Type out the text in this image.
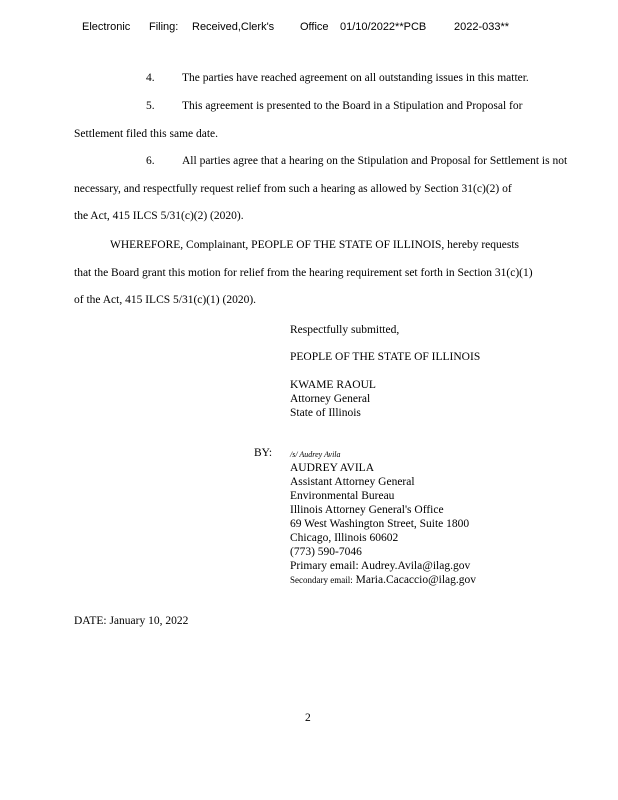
Electronic Filing: Received,Clerk's Office 01/10/2022**PCB	2022-033**
4. The parties have reached agreement on all outstanding issues in this matter.
5. This agreement is presented to the Board in a Stipulation and Proposal for
Settlement filed this same date.
6. All parties agree that a hearing on the Stipulation and Proposal for Settlement is not
necessary, and respectfully request relief from such a hearing as allowed by Section 31(c)(2) of
the Act, 415 ILCS 5/31(c)(2) (2020).
WHEREFORE, Complainant, PEOPLE OF THE STATE OF ILLINOIS, hereby requests
that the Board grant this motion for relief from the hearing requirement set forth in Section 31(c)(1)
of the Act, 415 ILCS 5/31(c)(1) (2020).
Respectfully submitted,
PEOPLE OF THE STATE OF ILLINOIS
KWAME RAOUL
Attorney General
State of Illinois
BY: /s/ Audrey Avila
AUDREY AVILA
Assistant Attorney General
Environmental Bureau
Illinois Attorney General's Office
69 West Washington Street, Suite 1800
Chicago, Illinois 60602
(773) 590-7046
Primary email: Audrey.Avila@ilag.gov
Secondary email: Maria.Cacaccio@ilag.gov
DATE: January 10, 2022
2
